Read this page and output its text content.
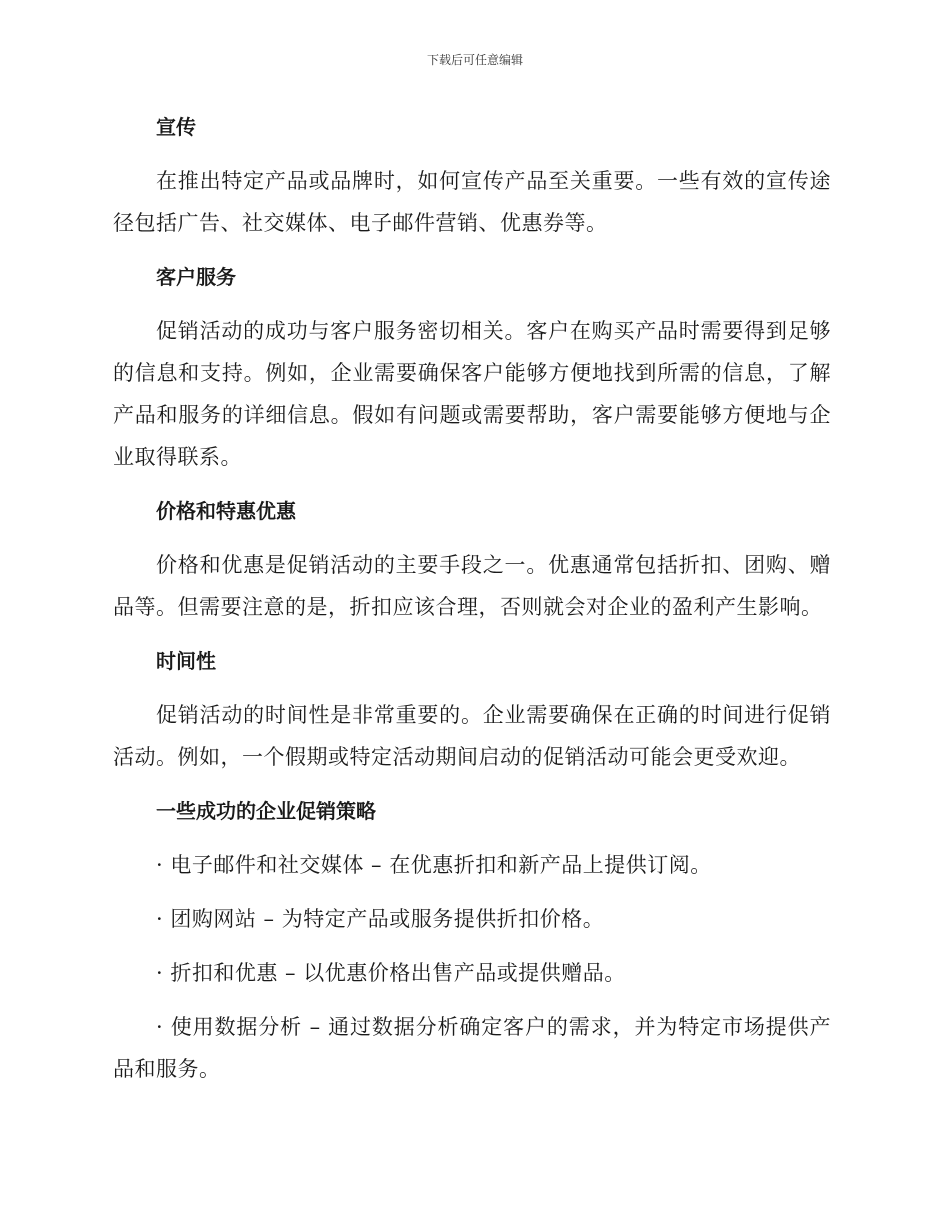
下载后可任意编辑
宣传

在推出特定产品或品牌时，如何宣传产品至关重要。一些有效的宣传途径包括广告、社交媒体、电子邮件营销、优惠券等。

客户服务

促销活动的成功与客户服务密切相关。客户在购买产品时需要得到足够的信息和支持。例如，企业需要确保客户能够方便地找到所需的信息，了解产品和服务的详细信息。假如有问题或需要帮助，客户需要能够方便地与企业取得联系。

价格和特惠优惠

价格和优惠是促销活动的主要手段之一。优惠通常包括折扣、团购、赠品等。但需要注意的是，折扣应该合理，否则就会对企业的盈利产生影响。

时间性

促销活动的时间性是非常重要的。企业需要确保在正确的时间进行促销活动。例如，一个假期或特定活动期间启动的促销活动可能会更受欢迎。

一些成功的企业促销策略

· 电子邮件和社交媒体 – 在优惠折扣和新产品上提供订阅。

· 团购网站 – 为特定产品或服务提供折扣价格。

· 折扣和优惠 – 以优惠价格出售产品或提供赠品。

· 使用数据分析 – 通过数据分析确定客户的需求，并为特定市场提供产品和服务。
